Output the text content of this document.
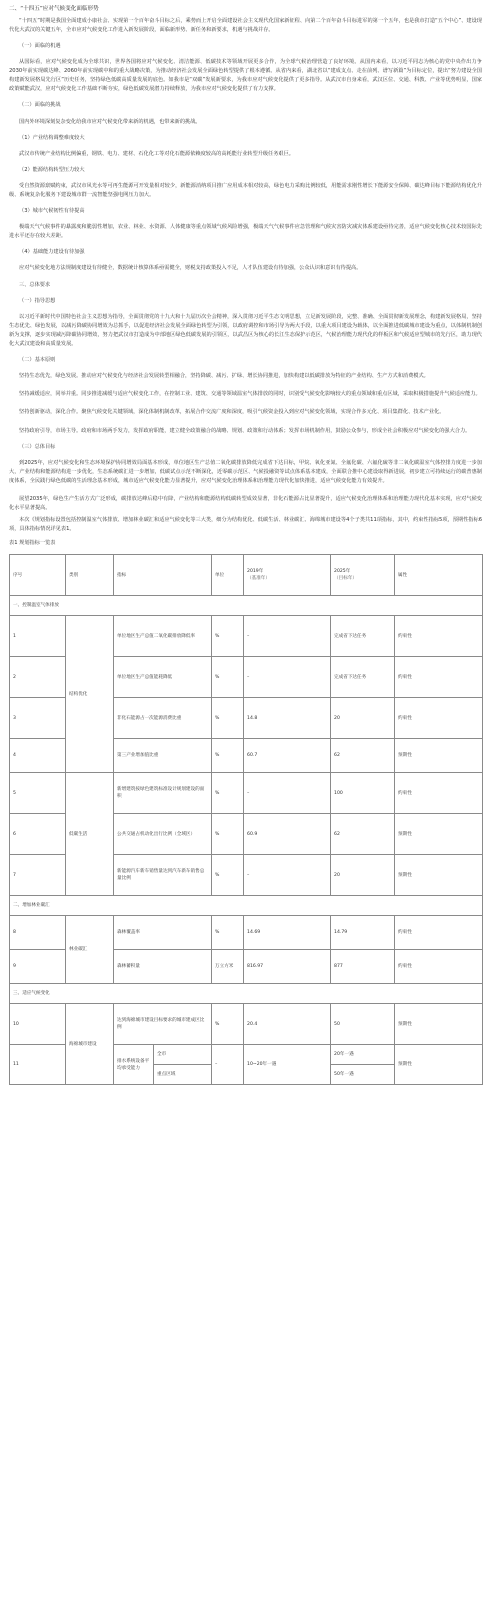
二、“十四五”应对气候变化面临形势

“十四五”时期是我国全面建成小康社会、实现第一个百年奋斗目标之后，乘势而上开启全面建设社会主义现代化国家新征程、向第二个百年奋斗目标进军的第一个五年，也是我市打造“五个中心”、建设现代化大武汉的关键五年，全市应对气候变化工作进入新发展阶段，面临新形势、新任务和新要求，机遇与挑战并存。

（一）面临的机遇

从国际看，应对气候变化成为全球共识，世界各国将应对气候变化、清洁能源、低碳技术等领域开展更多合作，为全球气候治理营造了良好环境。从国内来看，以习近平同志为核心的党中央作出力争2030年前实现碳达峰、2060年前实现碳中和的重大战略决策，为推动经济社会发展全面绿色转型提供了根本遵循。从省内来看，湖北省以“建成支点、走在前列、谱写新篇”为目标定位，提出“努力建设全国构建新发展格局先行区”历史任务，坚持绿色低碳高质量发展的底色。如我市是“双碳”发展新要求，为我市应对气候变化提供了更多指导。从武汉市自身来看，武汉区位、交通、科教、产业等优势明显，国家政策赋能武汉，应对气候变化工作基础不断夯实，绿色低碳发展潜力持续释放，为我市应对气候变化提供了有力支撑。

（二）面临的挑战

国内外环境深刻复杂变化给我市应对气候变化带来新的机遇，也带来新的挑战。

（1）产业结构调整难度较大

武汉市传统产业结构比例偏重，钢铁、电力、建材、石化化工等对化石能源依赖度较高的高耗能行业转型升级任务艰巨。

（2）能源结构转型压力较大

受自然资源禀赋约束，武汉市风光水等可再生能源可开发量相对较少，新能源消纳项目推广应用成本相对较高，绿色电力采购比例较低，用能需求刚性增长下能源安全保障、碳达峰目标下能源结构优化升级、系统复杂化服务下建设城市群一流智能坚强电网压力加大。

（3）城市气候韧性有待提高

极端天气气候事件的暴露度和脆弱性增加，农业、林业、水资源、人体健康等重点领域气候风险增强，极端天气气候事件应急管理和气候灾害防灾减灾体系建设亟待完善，适应气候变化核心技术较国际先进水平还存在较大差距。

（4）基础能力建设有待加强

应对气候变化地方法规制度建设有待健全，数据统计核算体系亟需健全，财税支持政策投入不足，人才队伍建设有待加强，公众认识和意识有待提高。

三、总体要求
（一）指导思想

以习近平新时代中国特色社会主义思想为指导，全面贯彻党的十九大和十九届历次全会精神，深入贯彻习近平生态文明思想，立足新发展阶段，完整、准确、全面贯彻新发展理念，构建新发展格局，坚持生态优先、绿色发展，以减污降碳协同增效为总抓手，以促进经济社会发展全面绿色转型为引领，以政府调控和市场引导为两大手段，以重大项目建设为载体，以全面推进低碳城市建设为重点，以体制机制创新为支撑，逐步实现减污降碳协同增效，努力把武汉市打造成为中部地区绿色低碳发展的引领区，以武昌区为核心的长江生态保护示范区，气候治理能力现代化的样板区和气候适应型城市的先行区，助力现代化大武汉建设和高质量发展。

（二）基本原则

坚持生态优先，绿色发展。推动应对气候变化与经济社会发展转型相融合，坚持降碳、减污、扩绿、增长协同推进，加快构建以低碳排放为特征的产业结构、生产方式和消费模式。

坚持减缓适应，同举并重。同步推进减缓与适应气候变化工作，在控制工业、建筑、交通等领域温室气体排放的同时，识别受气候变化影响较大的重点领域和重点区域，采取积极措施提升气候适应能力。

坚持创新驱动，深化合作。聚焦气候变化关键领域，深化体制机制改革，拓展合作交流广度和深度，吸引气候资金投入到应对气候变化领域，实现合作多元化、项目集群化、技术产业化。

坚持政府引导，市场主导。政府和市场两手发力，发挥政府职能，建立健全政策融合的战略、规划、政策和行动体系；发挥市场机制作用，鼓励公众参与，形成全社会积极应对气候变化的强大合力。

（三）总体目标

到2025年，应对气候变化和生态环境保护协同增效局面基本形成，单位地区生产总值二氧化碳排放降低完成省下达目标，甲烷、氧化亚氮、全氟化碳、六氟化硫等非二氧化碳温室气体控排力度进一步加大，产业结构和能源结构进一步优化，生态系统碳汇进一步增加，低碳试点示范不断深化，近零碳示范区、气候投融资等试点体系基本建成，全面联合推中心建设取得新进展，初步建立可持续运行的碳普惠制度体系，全民践行绿色低碳的生活理念基本形成，城市适应气候变化能力显著提升，应对气候变化治理体系和治理能力现代化加快推进，适应气候变化能力有效提升。

展望2035年，绿色生产生活方式广泛形成，碳排放达峰后稳中有降，产业结构和能源结构低碳转型成效显著，非化石能源占比显著提升，适应气候变化治理体系和治理能力现代化基本实现，应对气候变化水平显著提高。

本次《规划指标设置包括控制温室气体排放、增加林业碳汇和适应气候变化等三大类，细分为结构优化、低碳生活、林业碳汇、海绵城市建设等4个子类共11项指标，其中，约束性指标5项，预期性指标6项，具体指标情况详见表1。

表1 规划指标一览表
序号	类别	指标		单位	2019年
（基准年）	2025年
（目标年）	属性
一、控制温室气体排放							
1	结构优化	单位地区生产总值二氧化碳排放降低率		%	–	完成省下达任务	约束性
2		单位地区生产总值能耗降低		%	–	完成省下达任务	约束性
3		非化石能源占一次能源消费比重		%	14.8	20	约束性
4		第三产业增加值比重		%	60.7	62	预期性
5	低碳生活	新增建筑按绿色建筑标准设计规划建设的面积		%	–	100	约束性
6		公共交通占机动化出行比例（全域区）		%	60.9	62	预期性
7		新能源汽车新车销售量达到汽车新车销售总量比例		%	–	20	预期性
二、增加林业碳汇							
8	林业碳汇	森林覆盖率		%	14.69	14.79	约束性
9		森林蓄积量		万立方米	816.97	877	约束性
三、适应气候变化							
10	海绵城市建设	达到海绵城市建设目标要求的城市建成区比例		%	20.4	50	预期性
11		排水系统设备平均承受能力	全市	–	10~20年一遇	20年一遇	预期性
			重点区域			50年一遇	
